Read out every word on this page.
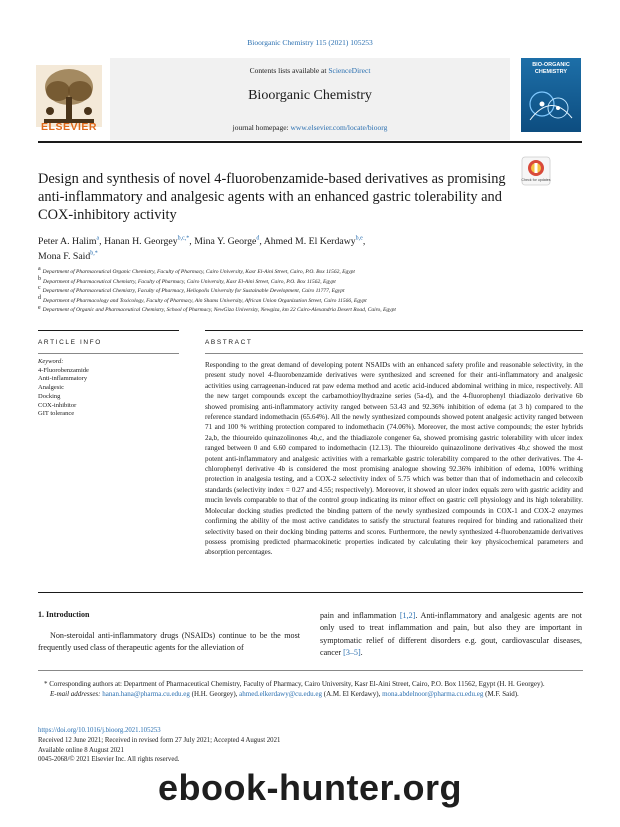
Bioorganic Chemistry 115 (2021) 105253
Contents lists available at ScienceDirect
Bioorganic Chemistry
journal homepage: www.elsevier.com/locate/bioorg
ELSEVIER
BIO-ORGANIC CHEMISTRY
Design and synthesis of novel 4-fluorobenzamide-based derivatives as promising anti-inflammatory and analgesic agents with an enhanced gastric tolerability and COX-inhibitory activity
Check for updates
Peter A. Halim$^a$, Hanan H. Georgey$^{b,c,*}$, Mina Y. George$^d$, Ahmed M. El Kerdawy$^{b,e}$,
Mona F. Said$^{b,*}$
$^a$ Department of Pharmaceutical Organic Chemistry, Faculty of Pharmacy, Cairo University, Kasr El-Aini Street, Cairo, P.O. Box 11562, Egypt
$^b$ Department of Pharmaceutical Chemistry, Faculty of Pharmacy, Cairo University, Kasr El-Aini Street, Cairo, P.O. Box 11562, Egypt
$^c$ Department of Pharmaceutical Chemistry, Faculty of Pharmacy, Heliopolis University for Sustainable Development, Cairo 11777, Egypt
$^d$ Department of Pharmacology and Toxicology, Faculty of Pharmacy, Ain Shams University, African Union Organization Street, Cairo 11566, Egypt
$^e$ Department of Organic and Pharmaceutical Chemistry, School of Pharmacy, NewGiza University, Newgiza, km 22 Cairo-Alexandria Desert Road, Cairo, Egypt
ARTICLE INFO	ABSTRACT
Keyword:
4-Fluorobenzamide
Anti-inflammatory
Analgesic
Docking
COX-inhibitor
GIT tolerance
Responding to the great demand of developing potent NSAIDs with an enhanced safety profile and reasonable selectivity, in the present study novel 4-fluorobenzamide derivatives were synthesized and screened for their anti-inflammatory and analgesic activities using carrageenan-induced rat paw edema method and acetic acid-induced abdominal writhing in mice, respectively. All the new target compounds except the carbamothioylhydrazine series (5a-d), and the 4-fluorophenyl thiadiazolo derivative 6b showed promising anti-inflammatory activity ranged between 53.43 and 92.36% inhibition of edema (at 3 h) compared to the reference standard indomethacin (65.64%). All the newly synthesized compounds showed potent analgesic activity ranged between 71 and 100 % writhing protection compared to indomethacin (74.06%). Moreover, the most active compounds; the ester hybrids 2a,b, the thioureido quinazolinones 4b,c, and the thiadiazole congener 6a, showed promising gastric tolerability with ulcer index ranged between 0 and 6.60 compared to indomethacin (12.13). The thioureido quinazolinone derivatives 4b,c showed the most potent anti-inflammatory and analgesic activities with a remarkable gastric tolerability compared to the other derivatives. The 4-chlorophenyl derivative 4b is considered the most promising analogue showing 92.36% inhibition of edema, 100% writhing protection in analgesia testing, and a COX-2 selectivity index of 5.75 which was better than that of indomethacin and celecoxib standards (selectivity index = 0.27 and 4.55; respectively). Moreover, it showed an ulcer index equals zero with gastric acidity and mucin levels comparable to that of the control group indicating its minor effect on gastric cell physiology and its high tolerability. Molecular docking studies predicted the binding pattern of the newly synthesized compounds in COX-1 and COX-2 enzymes confirming the ability of the most active candidates to satisfy the structural features required for binding and rationalized their selectivity based on their docking binding patterns and scores. Furthermore, the newly synthesized 4-fluorobenzamide derivatives possess promising predicted pharmacokinetic properties indicated by calculating their key physicochemical parameters and absorption percentages.
1. Introduction
Non-steroidal anti-inflammatory drugs (NSAIDs) continue to be the most frequently used class of therapeutic agents for the alleviation of
pain and inflammation [1,2]. Anti-inflammatory and analgesic agents are not only used to treat inflammation and pain, but also they are important in symptomatic relief of different disorders e.g. gout, cardiovascular diseases, cancer [3–5].
* Corresponding authors at: Department of Pharmaceutical Chemistry, Faculty of Pharmacy, Cairo University, Kasr El-Aini Street, Cairo, P.O. Box 11562, Egypt (H. H. Georgey).
E-mail addresses: hanan.hana@pharma.cu.edu.eg (H.H. Georgey), ahmed.elkerdawy@cu.edu.eg (A.M. El Kerdawy), mona.abdelnoor@pharma.cu.edu.eg (M.F. Said).
https://doi.org/10.1016/j.bioorg.2021.105253
Received 12 June 2021; Received in revised form 27 July 2021; Accepted 4 August 2021
Available online 8 August 2021
0045-2068/© 2021 Elsevier Inc. All rights reserved.
ebook-hunter.org
